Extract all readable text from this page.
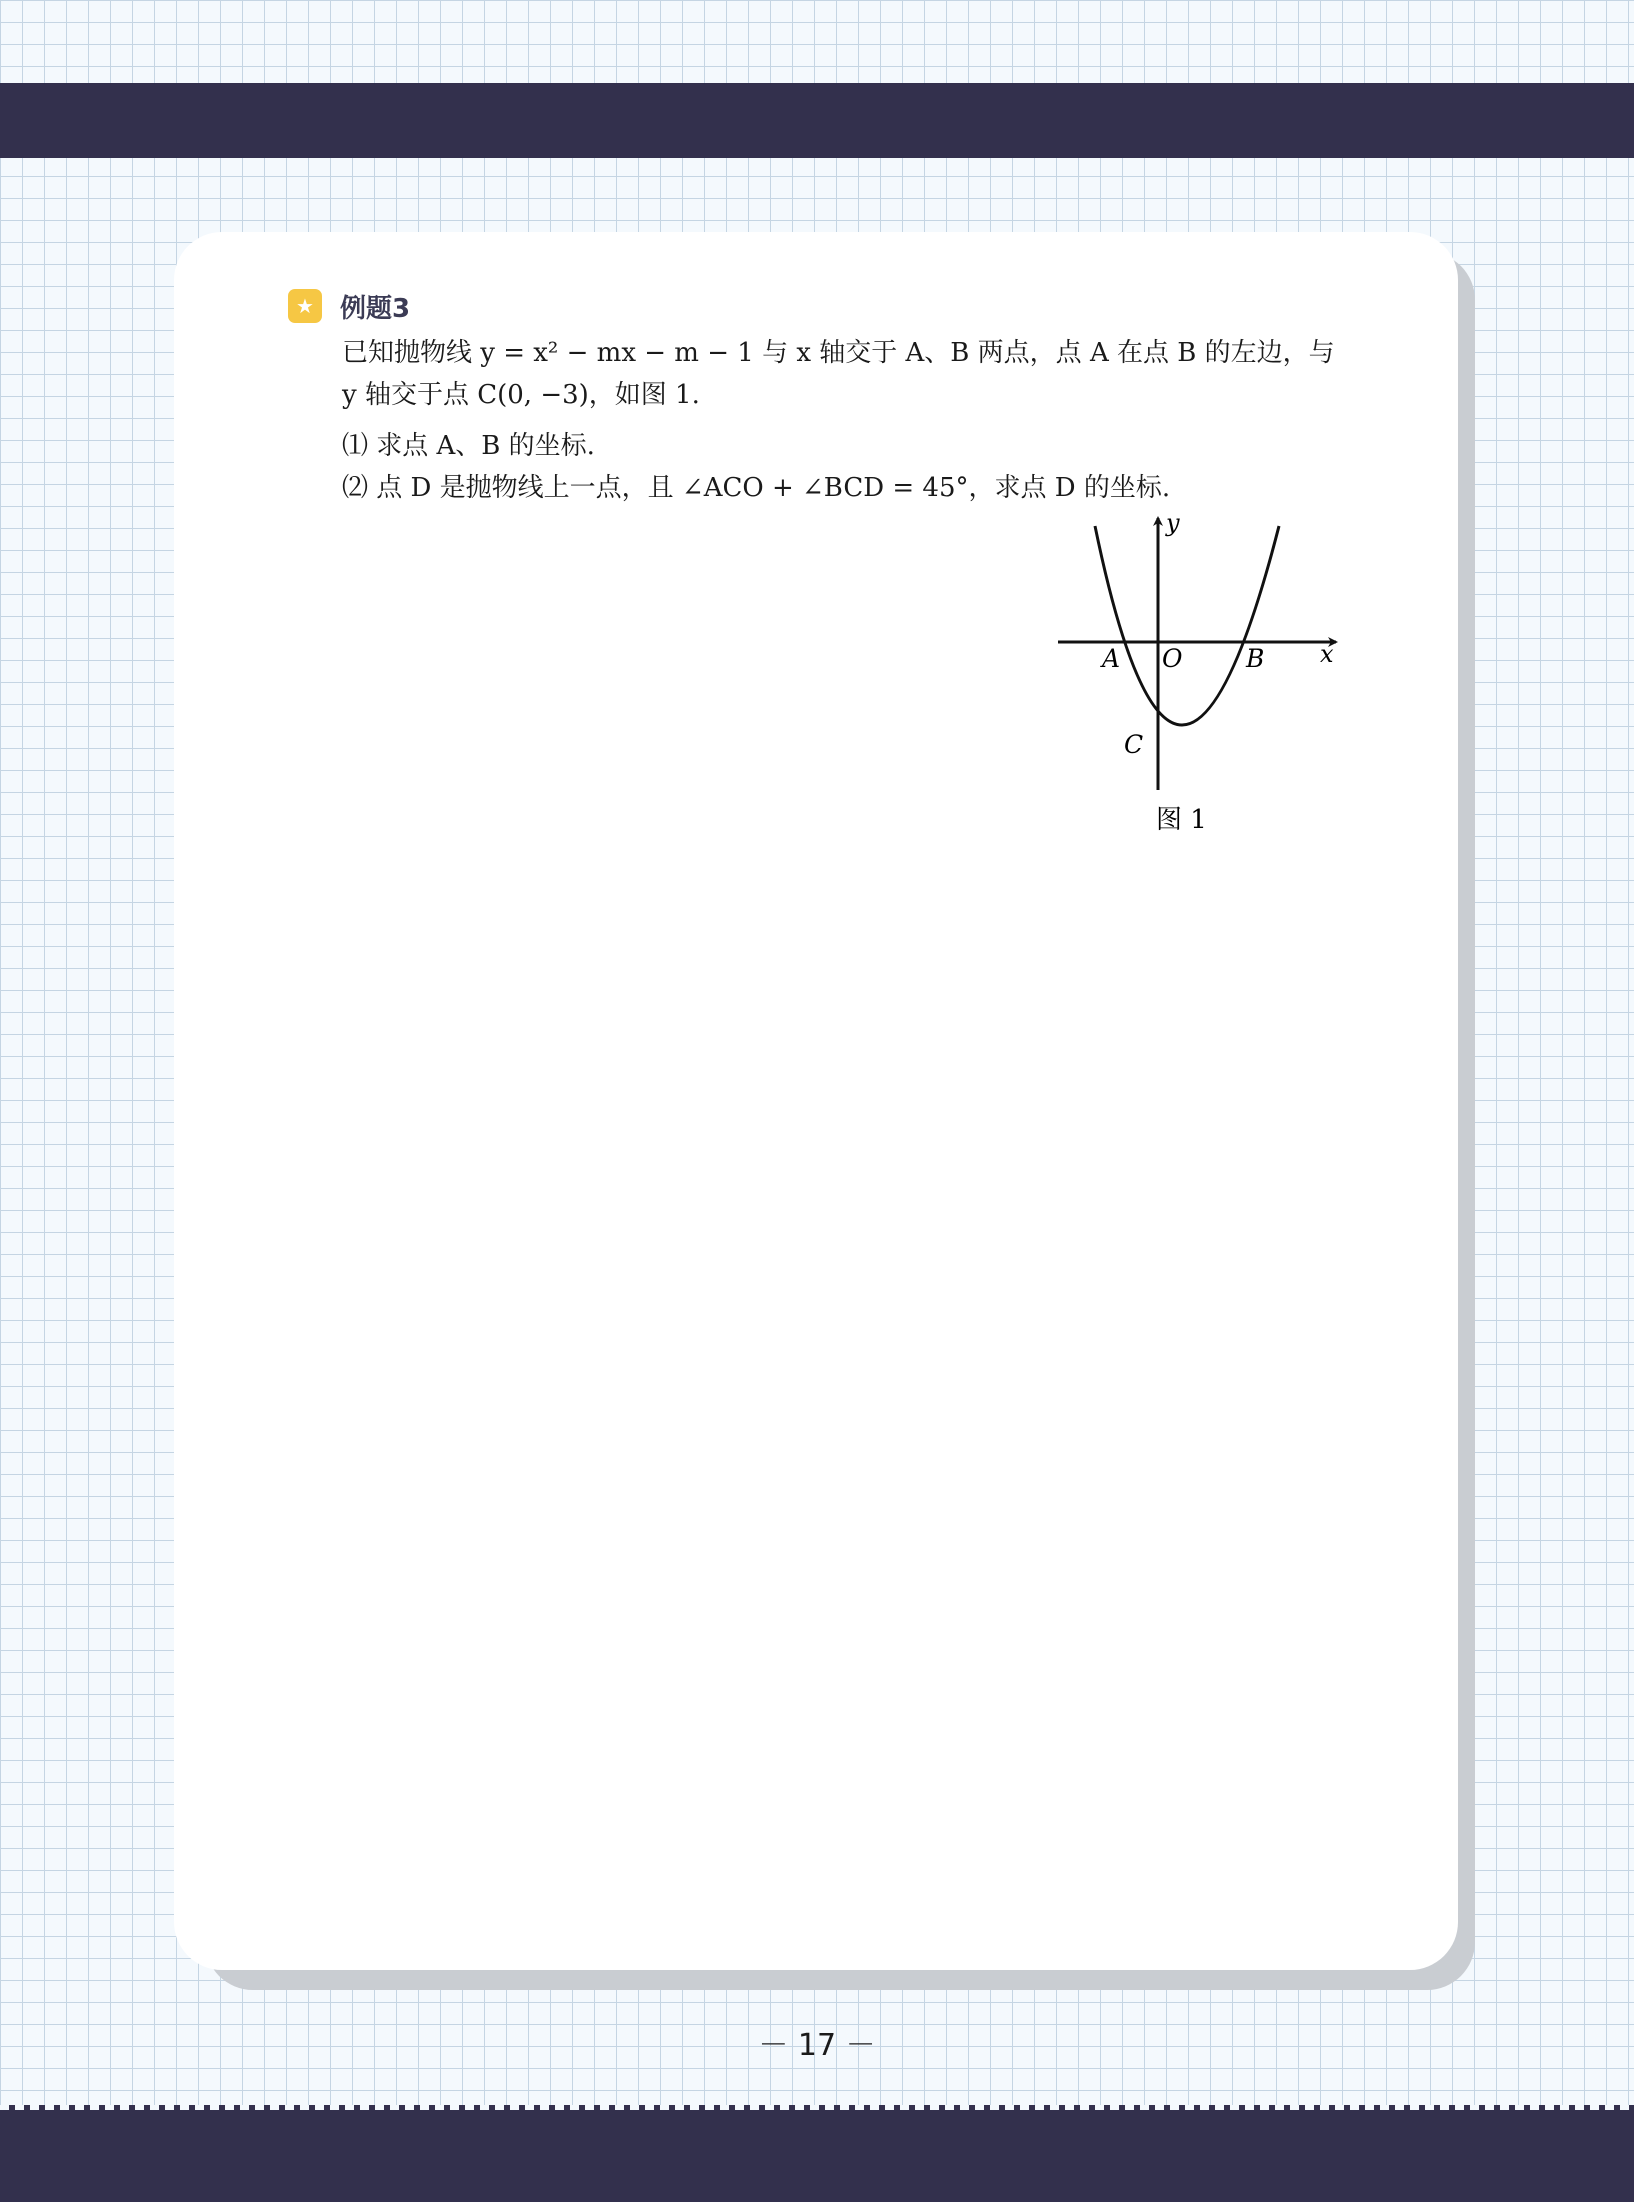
★	例题3
已知抛物线 y = x² − mx − m − 1 与 x 轴交于 A、B 两点，点 A 在点 B 的左边，与 y 轴交于点 C(0, −3)，如图 1.
⑴ 求点 A、B 的坐标.
⑵ 点 D 是抛物线上一点，且 ∠ACO + ∠BCD = 45°，求点 D 的坐标.
y
x
A O	B
C
图 1
－ 17 －
